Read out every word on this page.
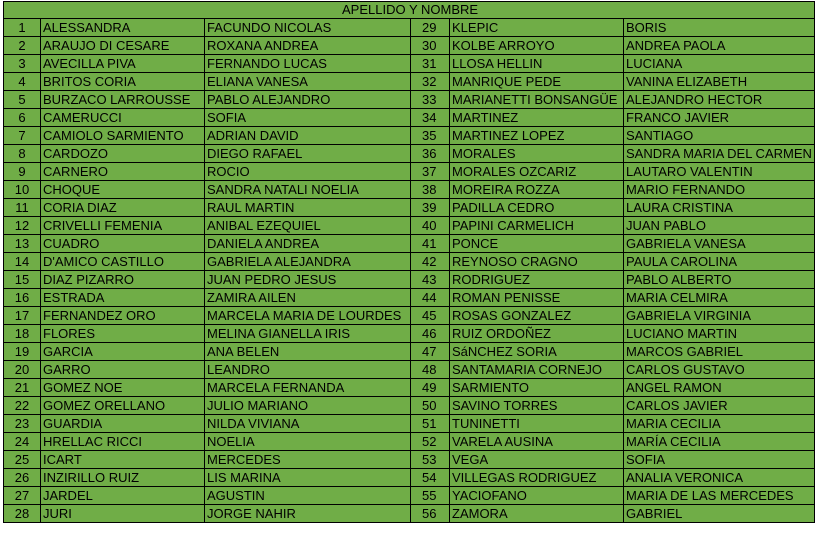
APELLIDO Y NOMBRE					
1	ALESSANDRA	FACUNDO NICOLAS	29	KLEPIC	BORIS
2	ARAUJO DI CESARE	ROXANA ANDREA	30	KOLBE ARROYO	ANDREA PAOLA
3	AVECILLA PIVA	FERNANDO LUCAS	31	LLOSA HELLIN	LUCIANA
4	BRITOS CORIA	ELIANA VANESA	32	MANRIQUE PEDE	VANINA ELIZABETH
5	BURZACO LARROUSSE	PABLO ALEJANDRO	33	MARIANETTI BONSANGÜE	ALEJANDRO HECTOR
6	CAMERUCCI	SOFIA	34	MARTINEZ	FRANCO JAVIER
7	CAMIOLO SARMIENTO	ADRIAN DAVID	35	MARTINEZ LOPEZ	SANTIAGO
8	CARDOZO	DIEGO RAFAEL	36	MORALES	SANDRA MARIA DEL CARMEN
9	CARNERO	ROCIO	37	MORALES OZCARIZ	LAUTARO VALENTIN
10	CHOQUE	SANDRA NATALI NOELIA	38	MOREIRA ROZZA	MARIO FERNANDO
11	CORIA DIAZ	RAUL MARTIN	39	PADILLA CEDRO	LAURA CRISTINA
12	CRIVELLI FEMENIA	ANIBAL EZEQUIEL	40	PAPINI CARMELICH	JUAN PABLO
13	CUADRO	DANIELA ANDREA	41	PONCE	GABRIELA VANESA
14	D'AMICO CASTILLO	GABRIELA ALEJANDRA	42	REYNOSO CRAGNO	PAULA CAROLINA
15	DIAZ PIZARRO	JUAN PEDRO JESUS	43	RODRIGUEZ	PABLO ALBERTO
16	ESTRADA	ZAMIRA AILEN	44	ROMAN PENISSE	MARIA CELMIRA
17	FERNANDEZ ORO	MARCELA MARIA DE LOURDES	45	ROSAS GONZALEZ	GABRIELA VIRGINIA
18	FLORES	MELINA GIANELLA IRIS	46	RUIZ ORDOÑEZ	LUCIANO MARTIN
19	GARCIA	ANA BELEN	47	SáNCHEZ SORIA	MARCOS GABRIEL
20	GARRO	LEANDRO	48	SANTAMARIA CORNEJO	CARLOS GUSTAVO
21	GOMEZ NOE	MARCELA FERNANDA	49	SARMIENTO	ANGEL RAMON
22	GOMEZ ORELLANO	JULIO MARIANO	50	SAVINO TORRES	CARLOS JAVIER
23	GUARDIA	NILDA VIVIANA	51	TUNINETTI	MARIA CECILIA
24	HRELLAC RICCI	NOELIA	52	VARELA AUSINA	MARÍA CECILIA
25	ICART	MERCEDES	53	VEGA	SOFIA
26	INZIRILLO RUIZ	LIS MARINA	54	VILLEGAS RODRIGUEZ	ANALIA VERONICA
27	JARDEL	AGUSTIN	55	YACIOFANO	MARIA DE LAS MERCEDES
28	JURI	JORGE NAHIR	56	ZAMORA	GABRIEL
